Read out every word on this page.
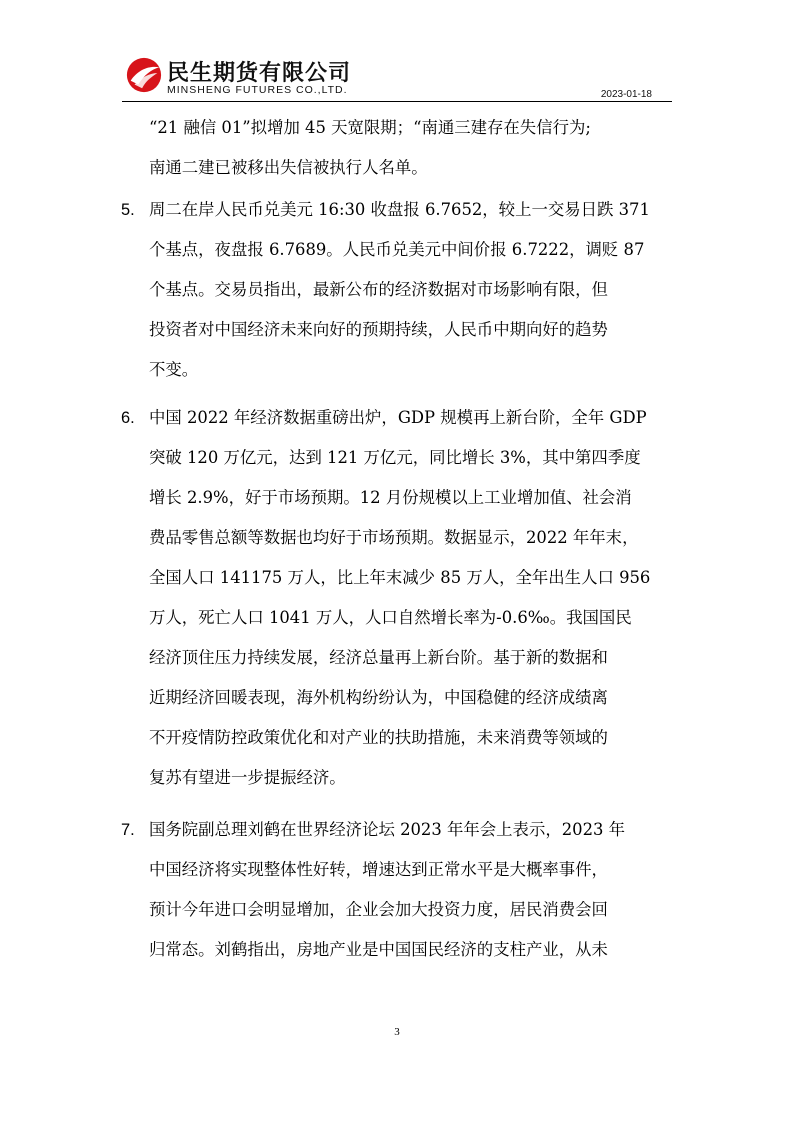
民生期货有限公司
MINSHENG FUTURES CO.,LTD.	2023-01-18
“21 融信 01”拟增加 45 天宽限期；“南通三建存在失信行为;
南通二建已被移出失信被执行人名单。
5. 周二在岸人民币兑美元 16:30 收盘报 6.7652，较上一交易日跌 371
个基点，夜盘报 6.7689。人民币兑美元中间价报 6.7222，调贬 87
个基点。交易员指出，最新公布的经济数据对市场影响有限，但
投资者对中国经济未来向好的预期持续，人民币中期向好的趋势
不变。
6. 中国 2022 年经济数据重磅出炉，GDP 规模再上新台阶，全年 GDP
突破 120 万亿元，达到 121 万亿元，同比增长 3%，其中第四季度
增长 2.9%，好于市场预期。12 月份规模以上工业增加值、社会消
费品零售总额等数据也均好于市场预期。数据显示，2022 年年末，
全国人口 141175 万人，比上年末减少 85 万人，全年出生人口 956
万人，死亡人口 1041 万人，人口自然增长率为-0.6‰。我国国民
经济顶住压力持续发展，经济总量再上新台阶。基于新的数据和
近期经济回暖表现，海外机构纷纷认为，中国稳健的经济成绩离
不开疫情防控政策优化和对产业的扶助措施，未来消费等领域的
复苏有望进一步提振经济。
7. 国务院副总理刘鹤在世界经济论坛 2023 年年会上表示，2023 年
中国经济将实现整体性好转，增速达到正常水平是大概率事件，
预计今年进口会明显增加，企业会加大投资力度，居民消费会回
归常态。刘鹤指出，房地产业是中国国民经济的支柱产业，从未
3
